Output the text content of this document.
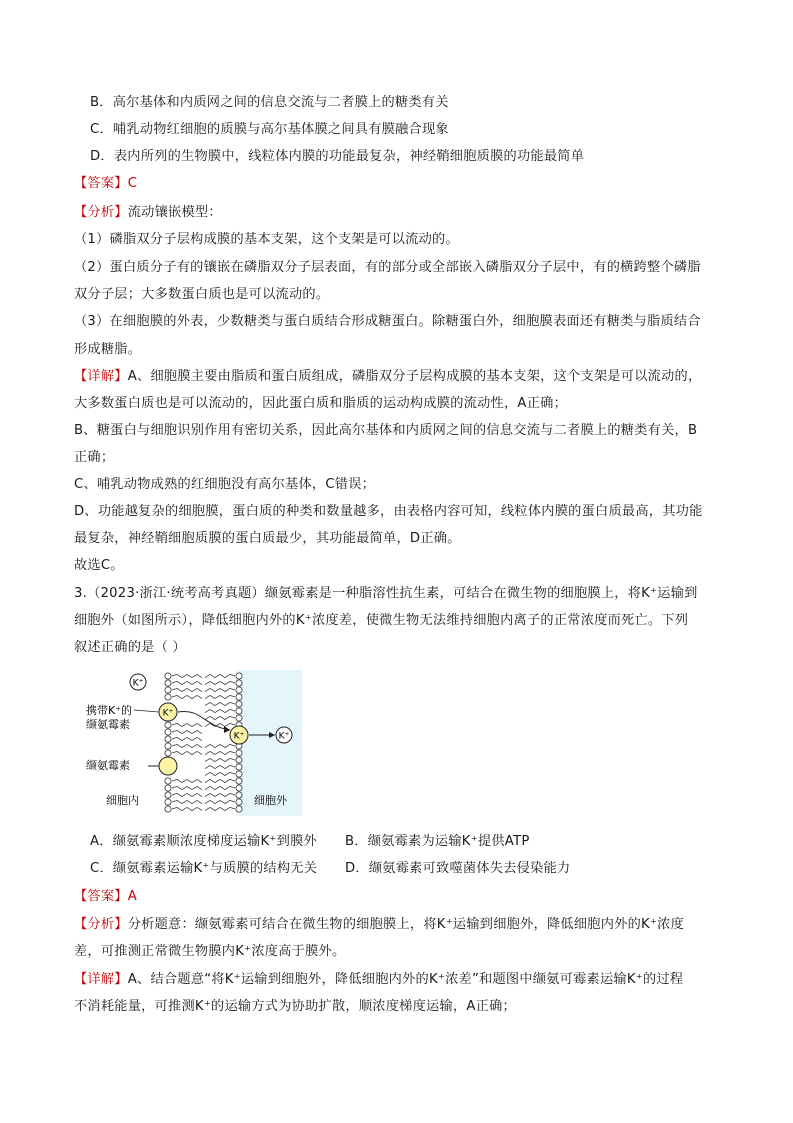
B．高尔基体和内质网之间的信息交流与二者膜上的糖类有关
C．哺乳动物红细胞的质膜与高尔基体膜之间具有膜融合现象
D．表内所列的生物膜中，线粒体内膜的功能最复杂，神经鞘细胞质膜的功能最简单
【答案】C
【分析】流动镶嵌模型：
（1）磷脂双分子层构成膜的基本支架，这个支架是可以流动的。
（2）蛋白质分子有的镶嵌在磷脂双分子层表面，有的部分或全部嵌入磷脂双分子层中，有的横跨整个磷脂
双分子层；大多数蛋白质也是可以流动的。
（3）在细胞膜的外表，少数糖类与蛋白质结合形成糖蛋白。除糖蛋白外，细胞膜表面还有糖类与脂质结合
形成糖脂。
【详解】A、细胞膜主要由脂质和蛋白质组成，磷脂双分子层构成膜的基本支架，这个支架是可以流动的，
大多数蛋白质也是可以流动的，因此蛋白质和脂质的运动构成膜的流动性，A正确；
B、糖蛋白与细胞识别作用有密切关系，因此高尔基体和内质网之间的信息交流与二者膜上的糖类有关，B
正确；
C、哺乳动物成熟的红细胞没有高尔基体，C错误；
D、功能越复杂的细胞膜，蛋白质的种类和数量越多，由表格内容可知，线粒体内膜的蛋白质最高，其功能
最复杂，神经鞘细胞质膜的蛋白质最少，其功能最简单，D正确。
故选C。
3.（2023·浙江·统考高考真题）缬氨霉素是一种脂溶性抗生素，可结合在微生物的细胞膜上，将K⁺运输到
细胞外（如图所示），降低细胞内外的K⁺浓度差，使微生物无法维持细胞内离子的正常浓度而死亡。下列
叙述正确的是（ ）
K⁺
K⁺
K⁺	K⁺
携带K⁺的
缬氨霉素
缬氨霉素
细胞内	细胞外
A．缬氨霉素顺浓度梯度运输K⁺到膜外 B．缬氨霉素为运输K⁺提供ATP
C．缬氨霉素运输K⁺与质膜的结构无关 D．缬氨霉素可致噬菌体失去侵染能力
【答案】A
【分析】分析题意：缬氨霉素可结合在微生物的细胞膜上，将K⁺运输到细胞外，降低细胞内外的K⁺浓度
差，可推测正常微生物膜内K⁺浓度高于膜外。
【详解】A、结合题意“将K⁺运输到细胞外，降低细胞内外的K⁺浓差”和题图中缬氨可霉素运输K⁺的过程
不消耗能量，可推测K⁺的运输方式为协助扩散，顺浓度梯度运输，A正确；
